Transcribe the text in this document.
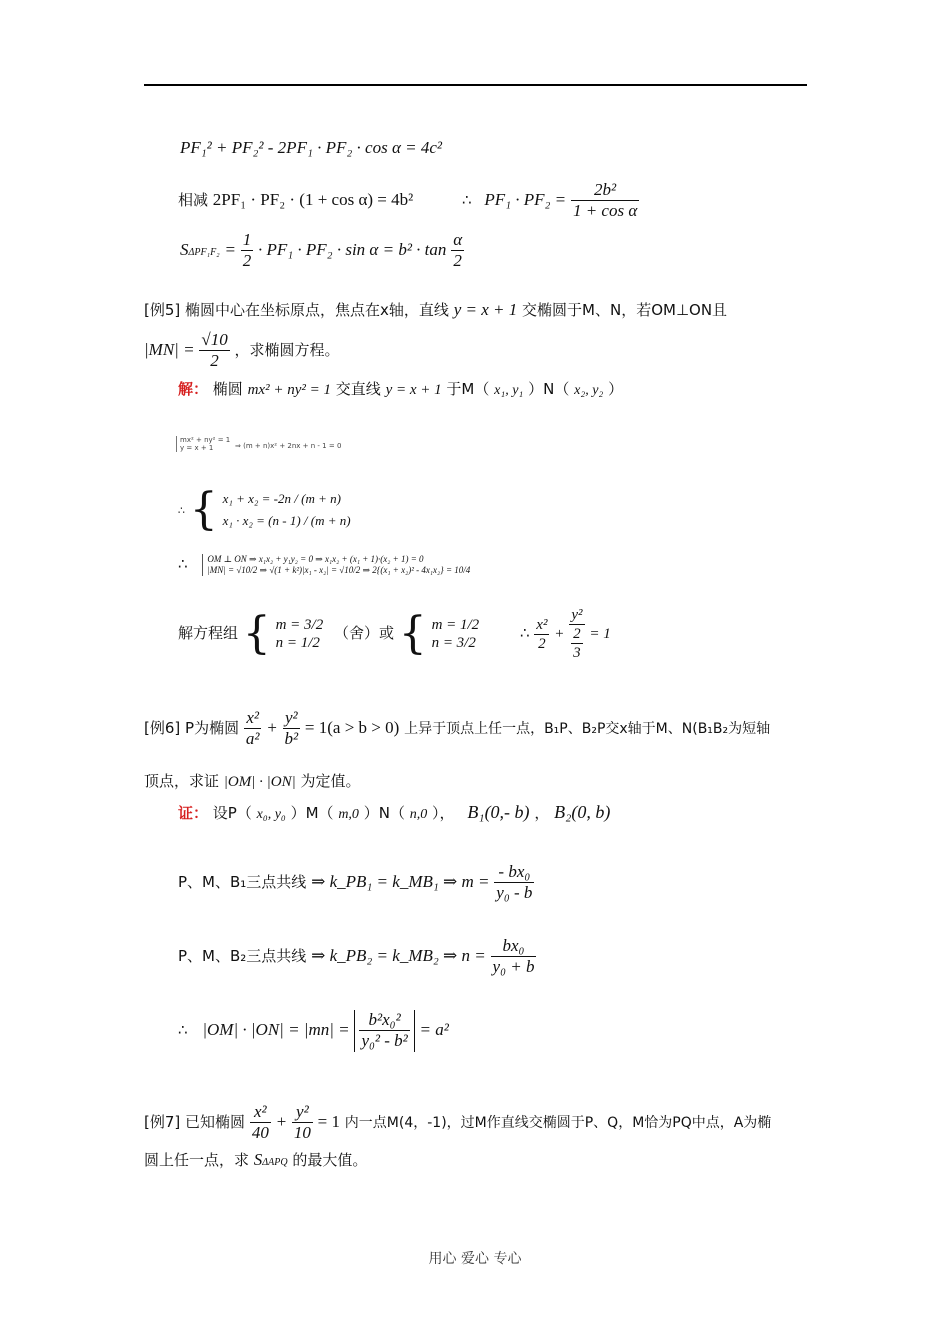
PF₁² + PF₂² - 2PF₁ · PF₂ · cos α = 4c²
相减 2PF₁ · PF₂ · (1 + cos α) = 4b²	∴ $PF_1 \cdot PF_2 = \frac{\text{2b²}}{\text{1 + cos α}}$
$S\Delta PF_1F_2 = \frac{1}{2} \cdot PF_1 \cdot PF_2 \cdot \sin \alpha = b^2 \cdot \tan \frac{\alpha}{2}$
[例5] 椭圆中心在坐标原点，焦点在x轴，直线 y = x + 1 交椭圆于M、N，若OM⊥ON且
$|MN| = \frac{√10}{2}$ ，求椭圆方程。
解： 椭圆 mx² + ny² = 1 交直线 y = x + 1 于M（ x₁, y₁ ）N（ x₂, y₂ ）
mx² + ny² = 1
y = x + 1	⇒ (m + n)x² + 2nx + n - 1 = 0
∴ { x₁ + x₂ = -2n / (m + n)
x₁ · x₂ = (n - 1) / (m + n)
∴ OM ⊥ ON ⇒ x₁x₂ + y₁y₂ = 0 ⇒ x₁x₂ + (x₁ + 1)·(x₂ + 1) = 0
|MN| = √10/2 ⇒ √(1 + k²)|x₁ - x₂| = √10/2 ⇒ 2{(x₁ + x₂)² - 4x₁x₂} = 10/4
解方程组 { m = 3/2
n = 1/2
（舍）或 { m = 1/2
n = 3/2
∴ $\frac{\text{x²}}{2} + \frac{\text{y²}}{\frac{2}{3}} = 1$
[例6] P为椭圆 $\frac{\text{x²}}{\text{a²}} + \frac{\text{y²}}{\text{b²}} = 1(a > b > 0)$ 上异于顶点上任一点，B₁P、B₂P交x轴于M、N(B₁B₂为短轴
顶点，求证 |OM| · |ON| 为定值。
证： 设P（ x₀, y₀ ）M（ m,0 ）N（ n,0 ）， B₁(0,- b) ， B₂(0, b)
P、M、B₁三点共线 ⇒ k_PB₁ = k_MB₁ ⇒ $m = \frac{\text{- bx₀}}{\text{y₀ - b}}$
P、M、B₂三点共线 ⇒ k_PB₂ = k_MB₂ ⇒ $n = \frac{\text{bx₀}}{\text{y₀ + b}}$
∴ $|OM| \cdot |ON| = |mn| = \frac{\text{b²x₀²}}{\text{y₀² - b²}} = a^2$
[例7] 已知椭圆 $\frac{\text{x²}}{40} + \frac{\text{y²}}{10} = 1$ 内一点M(4，-1)，过M作直线交椭圆于P、Q，M恰为PQ中点，A为椭
圆上任一点，求 SΔAPQ 的最大值。
用心 爱心 专心
